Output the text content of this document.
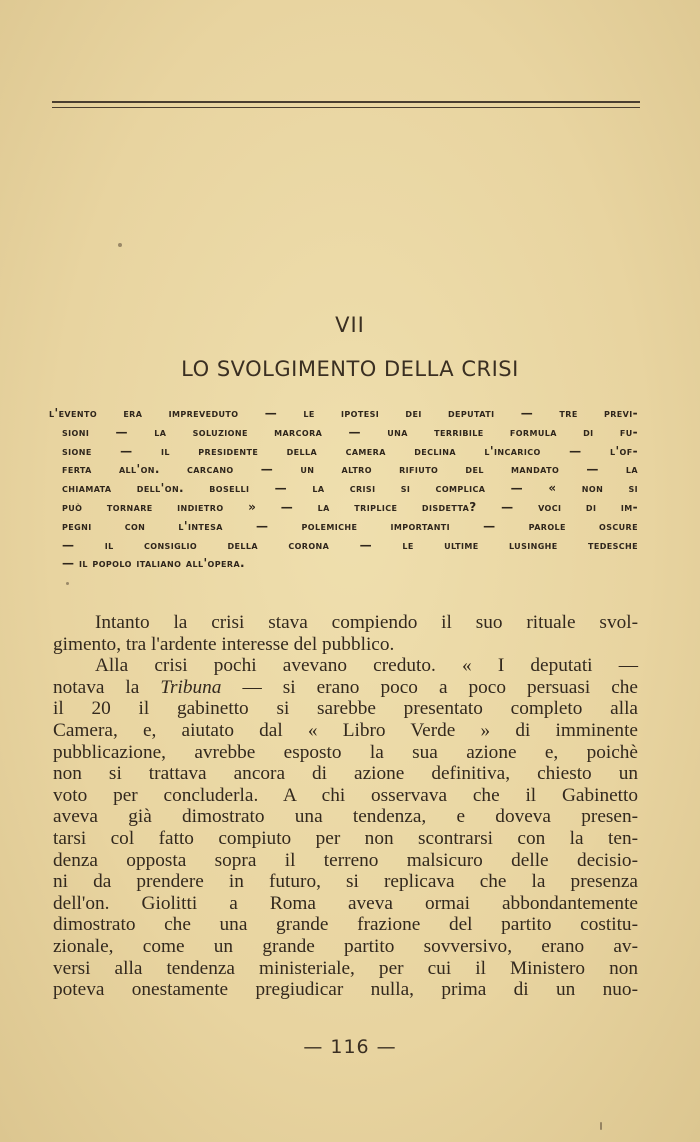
VII
LO SVOLGIMENTO DELLA CRISI
l'evento era impreveduto — le ipotesi dei deputati — tre previ-
sioni — la soluzione marcora — una terribile formula di fu-
sione — il presidente della camera declina l'incarico — l'of-
ferta all'on. carcano — un altro rifiuto del mandato — la
chiamata dell'on. boselli — la crisi si complica — « non si
può tornare indietro » — la triplice disdetta? — voci di im-
pegni con l'intesa — polemiche importanti — parole oscure
— il consiglio della corona — le ultime lusinghe tedesche
— il popolo italiano all'opera.
Intanto la crisi stava compiendo il suo rituale svol-
gimento, tra l'ardente interesse del pubblico.
Alla crisi pochi avevano creduto. « I deputati —
notava la Tribuna — si erano poco a poco persuasi che
il 20 il gabinetto si sarebbe presentato completo alla
Camera, e, aiutato dal « Libro Verde » di imminente
pubblicazione, avrebbe esposto la sua azione e, poichè
non si trattava ancora di azione definitiva, chiesto un
voto per concluderla. A chi osservava che il Gabinetto
aveva già dimostrato una tendenza, e doveva presen-
tarsi col fatto compiuto per non scontrarsi con la ten-
denza opposta sopra il terreno malsicuro delle decisio-
ni da prendere in futuro, si replicava che la presenza
dell'on. Giolitti a Roma aveva ormai abbondantemente
dimostrato che una grande frazione del partito costitu-
zionale, come un grande partito sovversivo, erano av-
versi alla tendenza ministeriale, per cui il Ministero non
poteva onestamente pregiudicar nulla, prima di un nuo-
— 116 —
